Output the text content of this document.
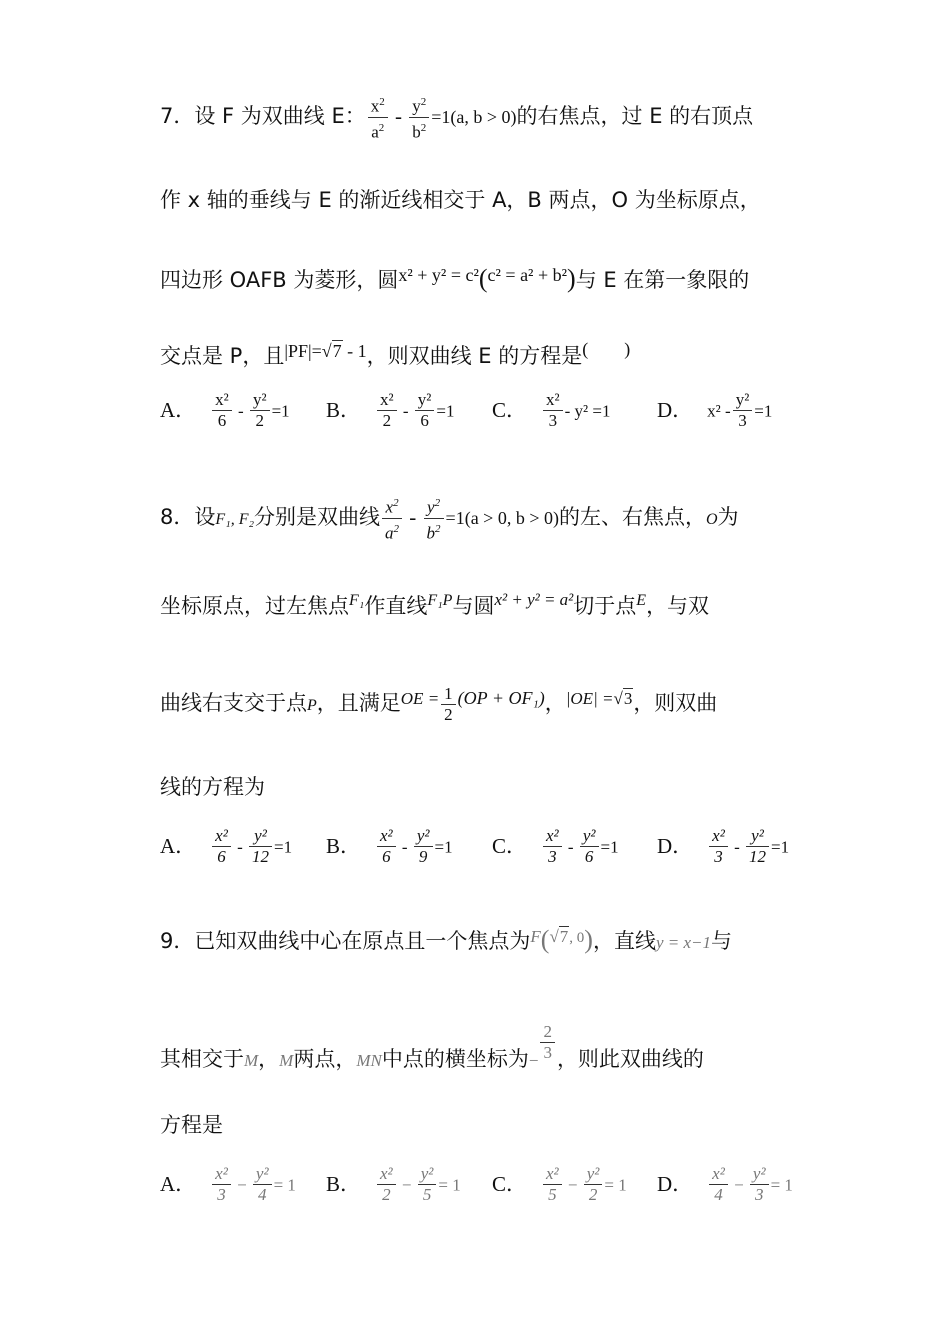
7．设 F 为双曲线 E： $\frac{x^2}{a^2} - \frac{y^2}{b^2} =1(a$, b > 0)的右焦点，过 E 的右顶点
作 x 轴的垂线与 E 的渐近线相交于 A，B 两点，O 为坐标原点，
四边形 OAFB 为菱形，圆x² + y² = c²(c² = a² + b²)与 E 在第一象限的
交点是 P，且|PF|=√7 - 1，则双曲线 E 的方程是(        )
A． $\frac{\text{x²}}{6} - \frac{\text{y²}}{2} =1$ B． $\frac{\text{x²}}{2} - \frac{\text{y²}}{6} =1$ C． $\frac{\text{x²}}{3} - y^2 =1$ D． $x^2 - \frac{\text{y²}}{3} =1$
8．设F₁, F₂分别是双曲线 $\frac{x^2}{a^2} - \frac{y^2}{b^2} =1(a > 0$, b > 0)的左、右焦点，O为
坐标原点，过左焦点$^{F_1}$作直线$^{F_1P}$与圆$^{x^2 + y^2 = a^2}$切于点$^E$，与双
曲线右支交于点P，且满足$^{OE =} \frac{1}{2} (OP + OF_1)$，$^{|OE| =√3}$，则双曲
线的方程为
A． $\frac{\text{x²}}{6} - \frac{\text{y²}}{12} =1$ B． $\frac{\text{x²}}{6} - \frac{\text{y²}}{9} =1$ C． $\frac{\text{x²}}{3} - \frac{\text{y²}}{6} =1$ D． $\frac{\text{x²}}{3} - \frac{\text{y²}}{12} =1$
9．已知双曲线中心在原点且一个焦点为$^F$($^{√7, 0}$)，直线y = x−1与
其相交于M，M两点，MN中点的横坐标为− $\frac{2}{3}$ ，则此双曲线的
方程是
A． $\frac{\text{x²}}{3} - \frac{\text{y²}}{4} = 1$ B． $\frac{\text{x²}}{2} - \frac{\text{y²}}{5} = 1$ C． $\frac{\text{x²}}{5} - \frac{\text{y²}}{2} = 1$ D． $\frac{\text{x²}}{4} - \frac{\text{y²}}{3} = 1$
